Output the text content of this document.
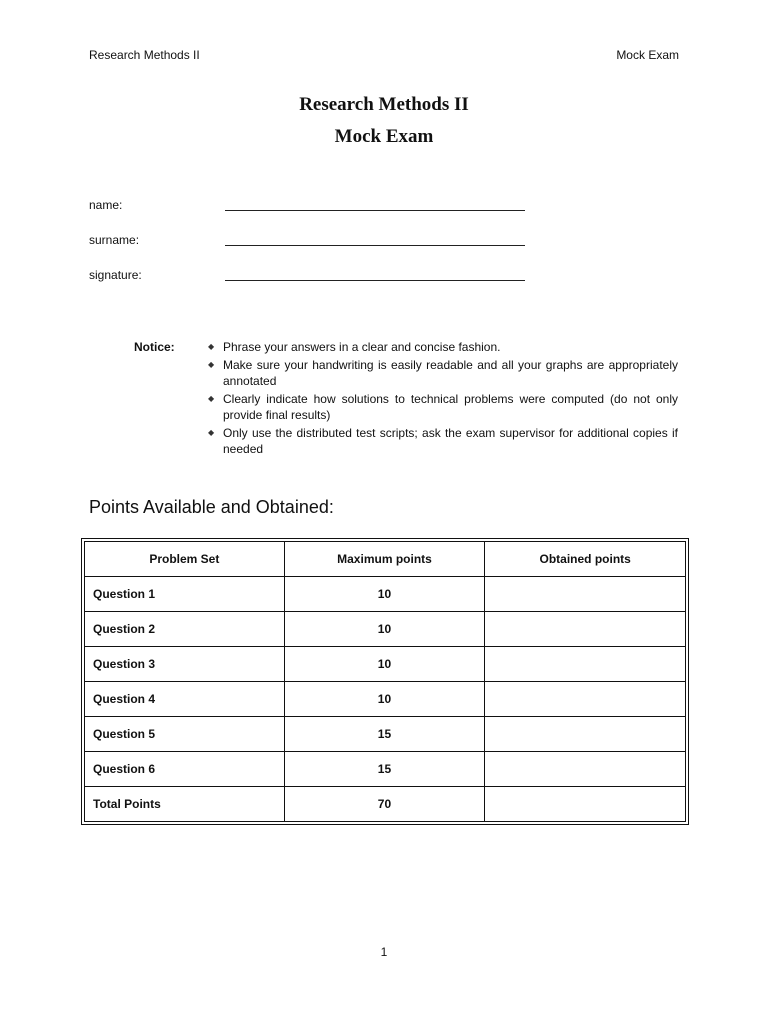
Research Methods II	Mock Exam
Research Methods II
Mock Exam
name:
surname:
signature:
Notice:	◆ Phrase your answers in a clear and concise fashion.
◆ Make sure your handwriting is easily readable and all your graphs are appropriately annotated
◆ Clearly indicate how solutions to technical problems were computed (do not only provide final results)
◆ Only use the distributed test scripts; ask the exam supervisor for additional copies if needed
Points Available and Obtained:
Problem Set	Maximum points	Obtained points
Question 1	10	
Question 2	10	
Question 3	10	
Question 4	10	
Question 5	15	
Question 6	15	
Total Points	70	
1
